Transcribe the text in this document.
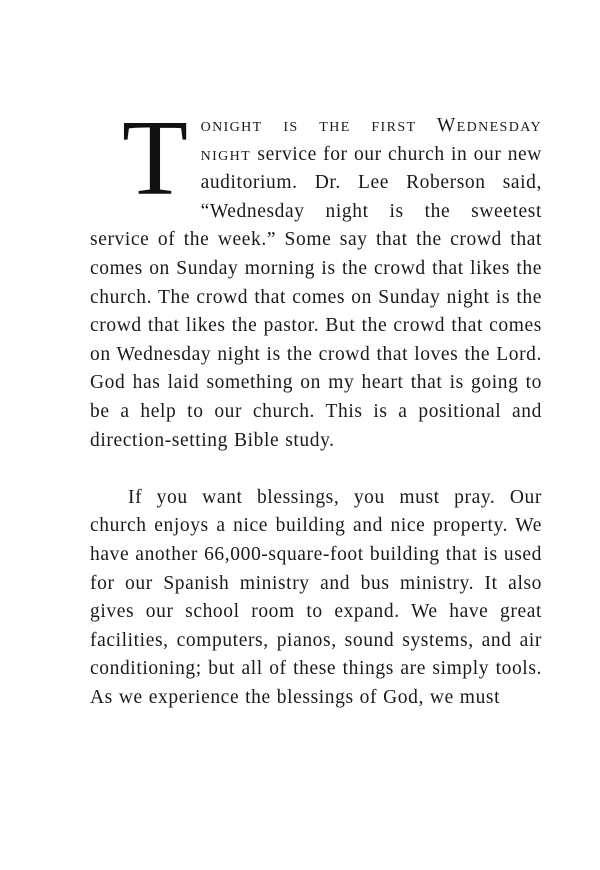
Tonight is the first Wednesday night service for our church in our new auditorium. Dr. Lee Roberson said, “Wednesday night is the sweetest service of the week.” Some say that the crowd that comes on Sunday morning is the crowd that likes the church. The crowd that comes on Sunday night is the crowd that likes the pastor. But the crowd that comes on Wednesday night is the crowd that loves the Lord. God has laid something on my heart that is going to be a help to our church. This is a positional and direction-setting Bible study.

If you want blessings, you must pray. Our church enjoys a nice building and nice property. We have another 66,000-square-foot building that is used for our Spanish ministry and bus ministry. It also gives our school room to expand. We have great facilities, computers, pianos, sound systems, and air conditioning; but all of these things are simply tools. As we experience the blessings of God, we must
